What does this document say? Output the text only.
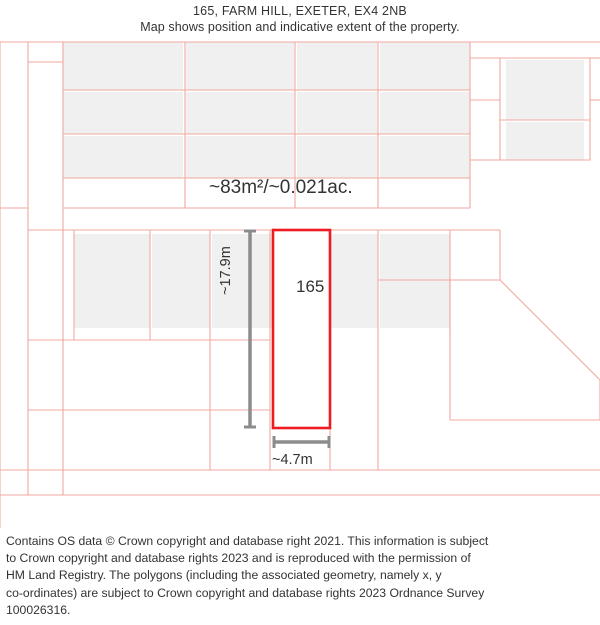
165, FARM HILL, EXETER, EX4 2NB
Map shows position and indicative extent of the property.
~83m²/~0.021ac.
165
~17.9m
~4.7m

Contains OS data © Crown copyright and database right 2021. This information is subject

to Crown copyright and database rights 2023 and is reproduced with the permission of

HM Land Registry. The polygons (including the associated geometry, namely x, y

co-ordinates) are subject to Crown copyright and database rights 2023 Ordnance Survey

100026316.
